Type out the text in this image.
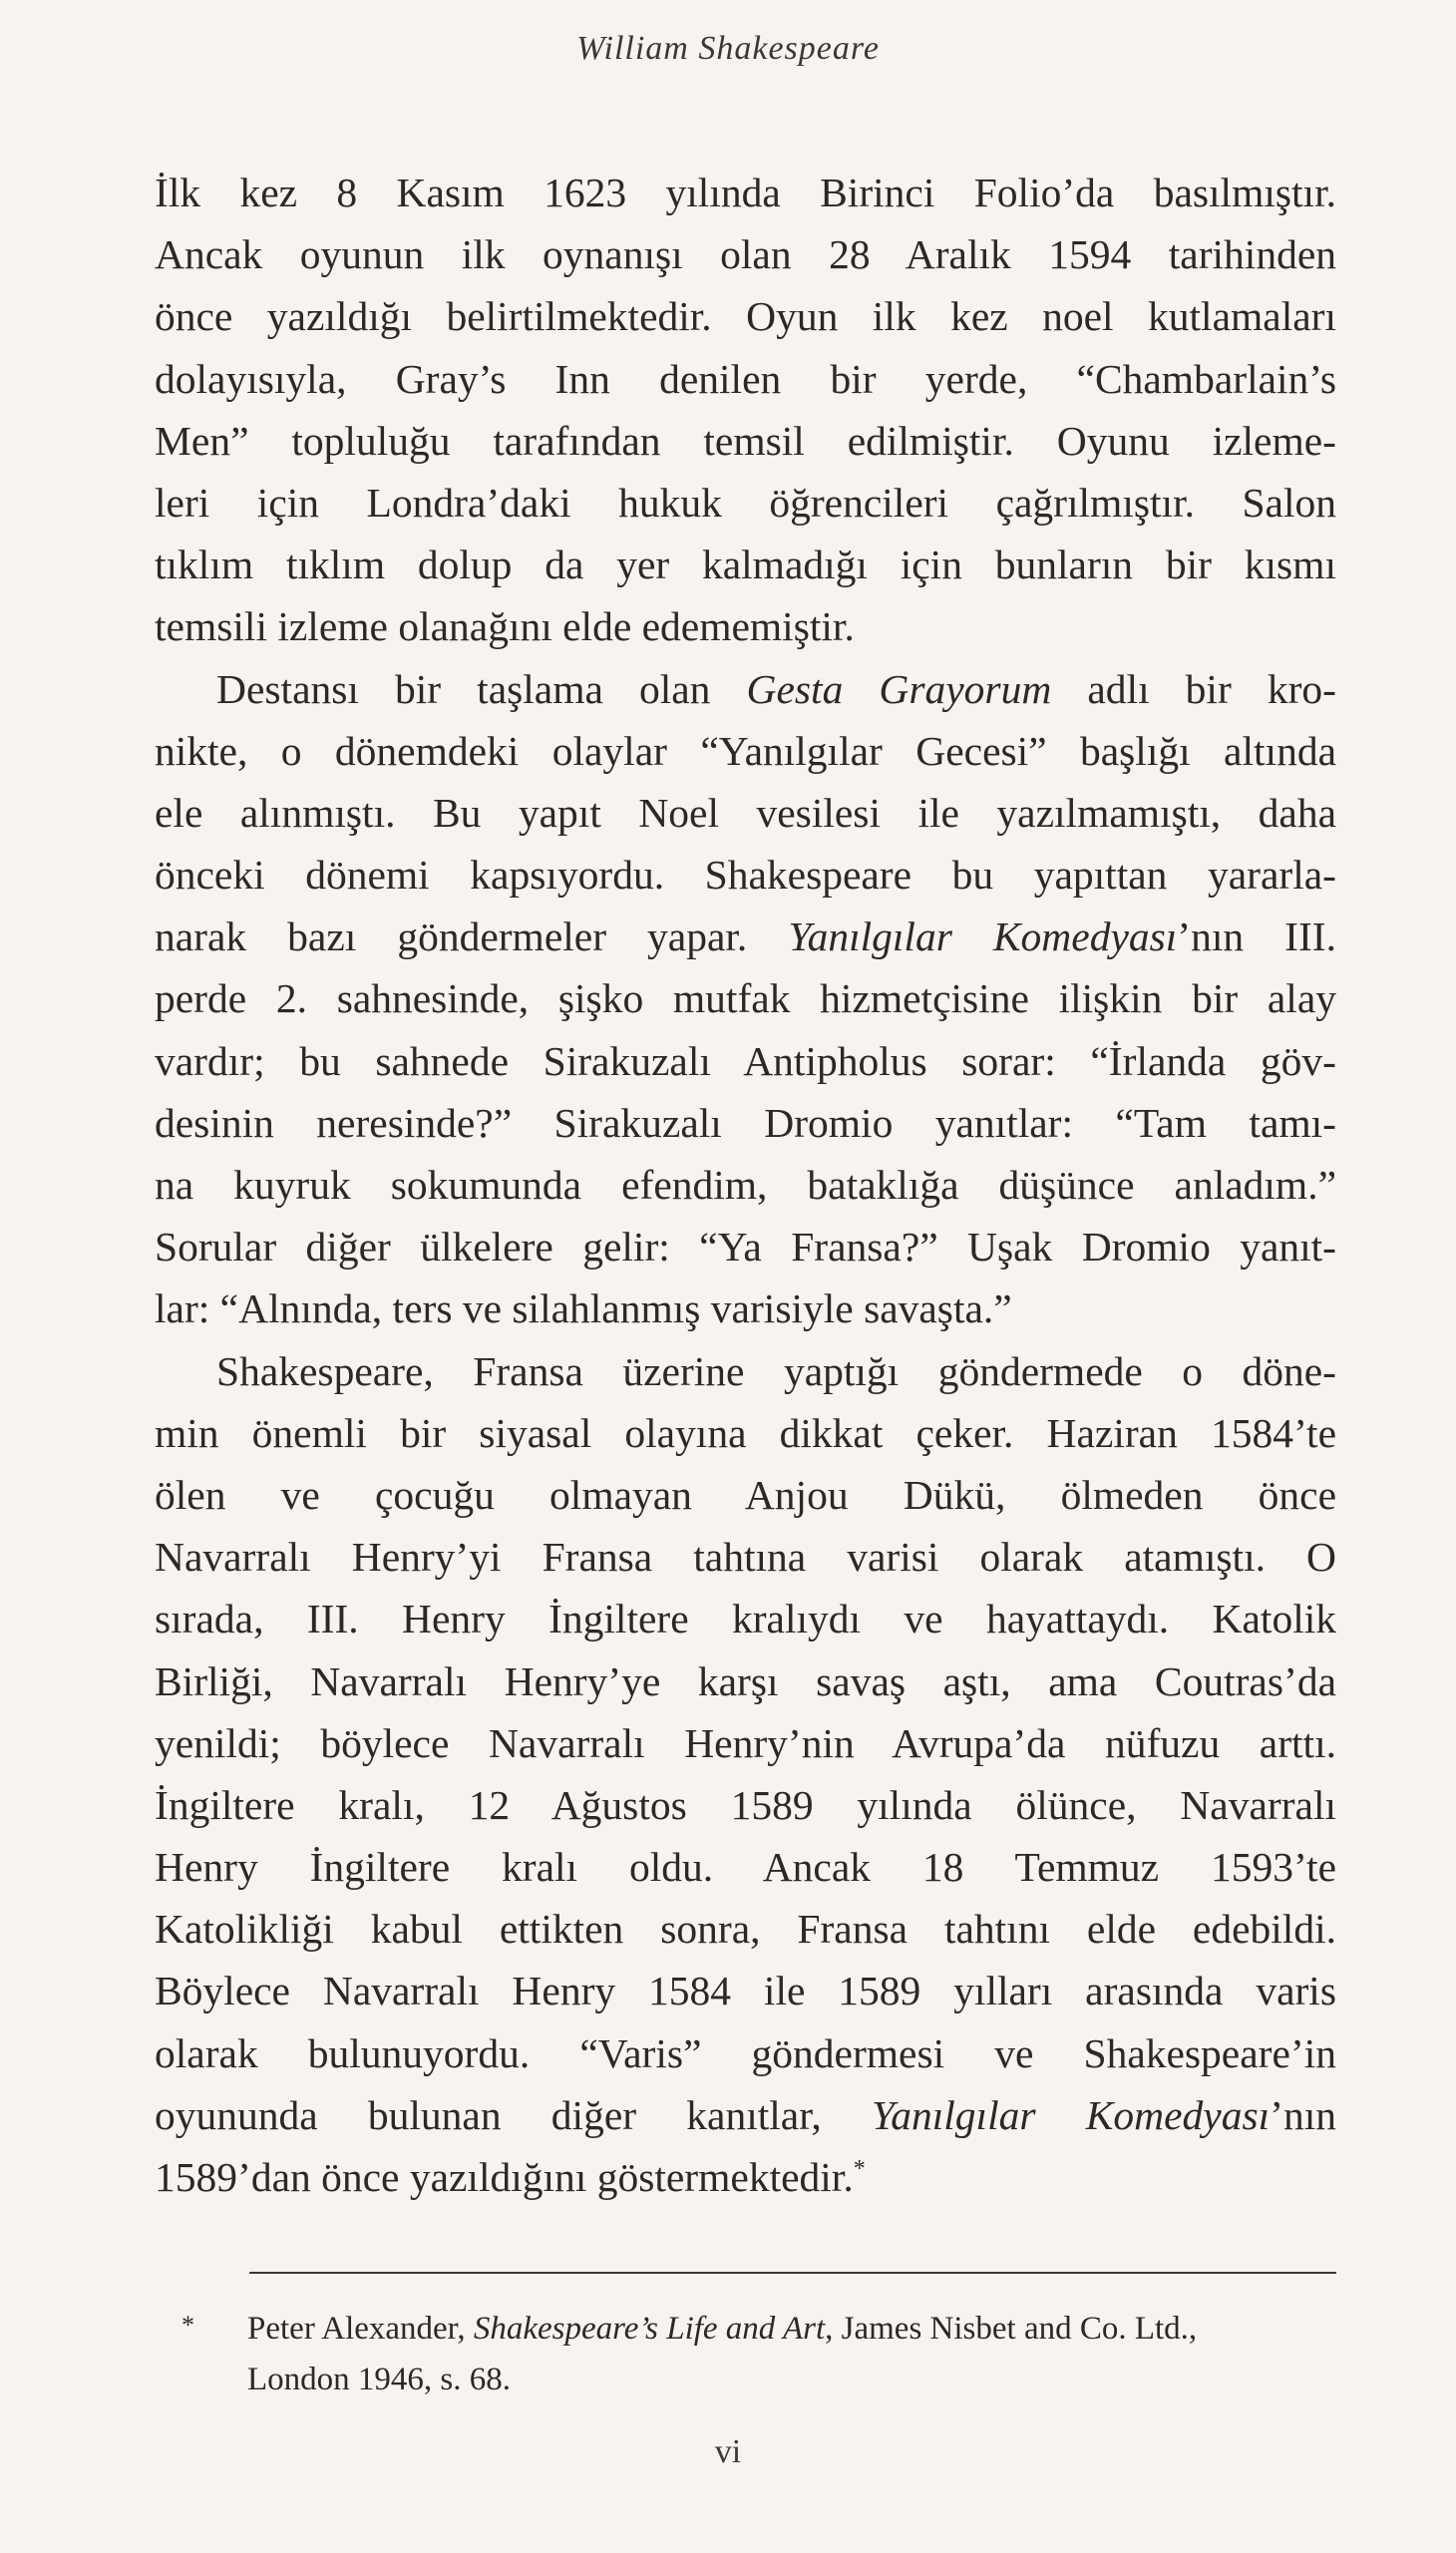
William Shakespeare
İlk kez 8 Kasım 1623 yılında Birinci Folio’da basılmıştır.
Ancak oyunun ilk oynanışı olan 28 Aralık 1594 tarihinden
önce yazıldığı belirtilmektedir. Oyun ilk kez noel kutlamaları
dolayısıyla, Gray’s Inn denilen bir yerde, “Chambarlain’s
Men” topluluğu tarafından temsil edilmiştir. Oyunu izleme-
leri için Londra’daki hukuk öğrencileri çağrılmıştır. Salon
tıklım tıklım dolup da yer kalmadığı için bunların bir kısmı
temsili izleme olanağını elde edememiştir.
Destansı bir taşlama olan Gesta Grayorum adlı bir kro-
nikte, o dönemdeki olaylar “Yanılgılar Gecesi” başlığı altında
ele alınmıştı. Bu yapıt Noel vesilesi ile yazılmamıştı, daha
önceki dönemi kapsıyordu. Shakespeare bu yapıttan yararla-
narak bazı göndermeler yapar. Yanılgılar Komedyası’nın III.
perde 2. sahnesinde, şişko mutfak hizmetçisine ilişkin bir alay
vardır; bu sahnede Sirakuzalı Antipholus sorar: “İrlanda göv-
desinin neresinde?” Sirakuzalı Dromio yanıtlar: “Tam tamı-
na kuyruk sokumunda efendim, bataklığa düşünce anladım.”
Sorular diğer ülkelere gelir: “Ya Fransa?” Uşak Dromio yanıt-
lar: “Alnında, ters ve silahlanmış varisiyle savaşta.”
Shakespeare, Fransa üzerine yaptığı göndermede o döne-
min önemli bir siyasal olayına dikkat çeker. Haziran 1584’te
ölen ve çocuğu olmayan Anjou Dükü, ölmeden önce
Navarralı Henry’yi Fransa tahtına varisi olarak atamıştı. O
sırada, III. Henry İngiltere kralıydı ve hayattaydı. Katolik
Birliği, Navarralı Henry’ye karşı savaş aştı, ama Coutras’da
yenildi; böylece Navarralı Henry’nin Avrupa’da nüfuzu arttı.
İngiltere kralı, 12 Ağustos 1589 yılında ölünce, Navarralı
Henry İngiltere kralı oldu. Ancak 18 Temmuz 1593’te
Katolikliği kabul ettikten sonra, Fransa tahtını elde edebildi.
Böylece Navarralı Henry 1584 ile 1589 yılları arasında varis
olarak bulunuyordu. “Varis” göndermesi ve Shakespeare’in
oyununda bulunan diğer kanıtlar, Yanılgılar Komedyası’nın
1589’dan önce yazıldığını göstermektedir.*
* Peter Alexander, Shakespeare’s Life and Art, James Nisbet and Co. Ltd.,
London 1946, s. 68.
vi
